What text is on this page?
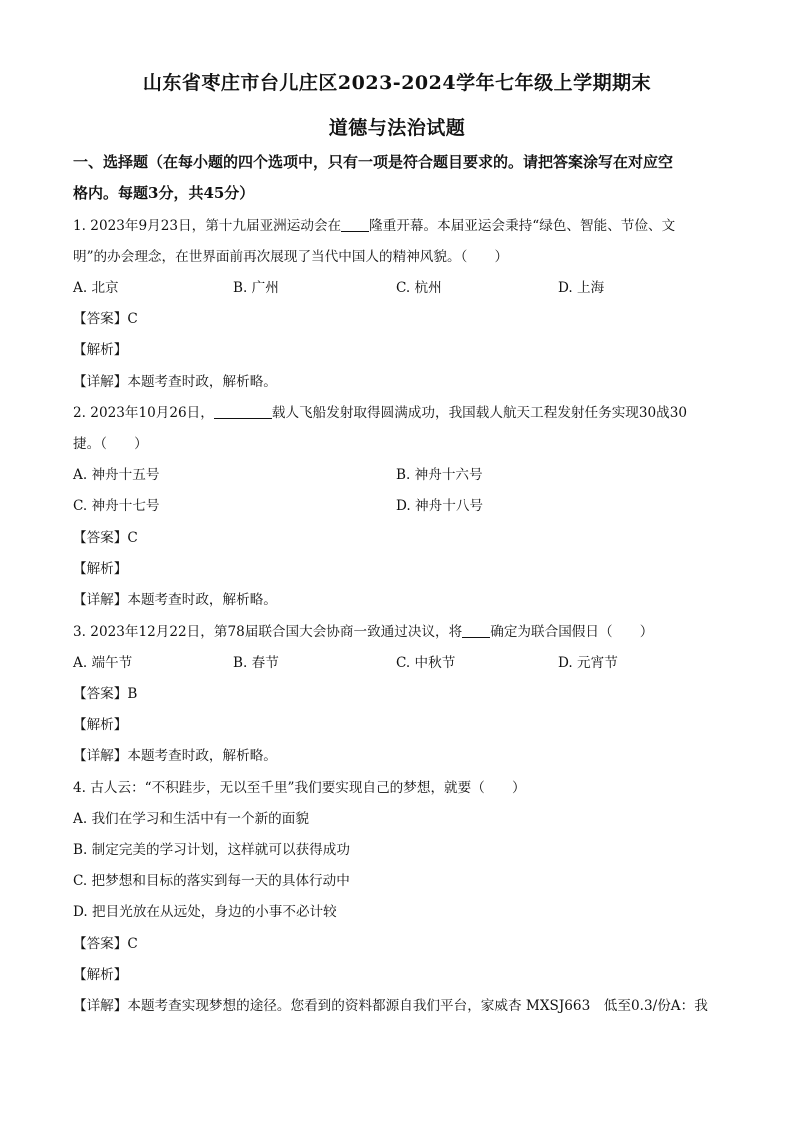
山东省枣庄市台儿庄区2023-2024学年七年级上学期期末
道德与法治试题
一、选择题（在每小题的四个选项中，只有一项是符合题目要求的。请把答案涂写在对应空
格内。每题3分，共45分）
1. 2023年9月23日，第十九届亚洲运动会在 隆重开幕。本届亚运会秉持“绿色、智能、节俭、文
明”的办会理念，在世界面前再次展现了当代中国人的精神风貌。（　　）
A. 北京	B. 广州	C. 杭州	D. 上海
【答案】C
【解析】
【详解】本题考查时政，解析略。
2. 2023年10月26日，	载人飞船发射取得圆满成功，我国载人航天工程发射任务实现30战30
捷。（　　）
A. 神舟十五号	B. 神舟十六号
C. 神舟十七号	D. 神舟十八号
【答案】C
【解析】
【详解】本题考查时政，解析略。
3. 2023年12月22日，第78届联合国大会协商一致通过决议，将 确定为联合国假日（　　）
A. 端午节	B. 春节	C. 中秋节	D. 元宵节
【答案】B
【解析】
【详解】本题考查时政，解析略。
4. 古人云：“不积跬步，无以至千里”我们要实现自己的梦想，就要（　　）
A. 我们在学习和生活中有一个新的面貌
B. 制定完美的学习计划，这样就可以获得成功
C. 把梦想和目标的落实到每一天的具体行动中
D. 把目光放在从远处，身边的小事不必计较
【答案】C
【解析】
【详解】本题考查实现梦想的途径。您看到的资料都源自我们平台，家威杏 MXSJ663　低至0.3/份A：我
